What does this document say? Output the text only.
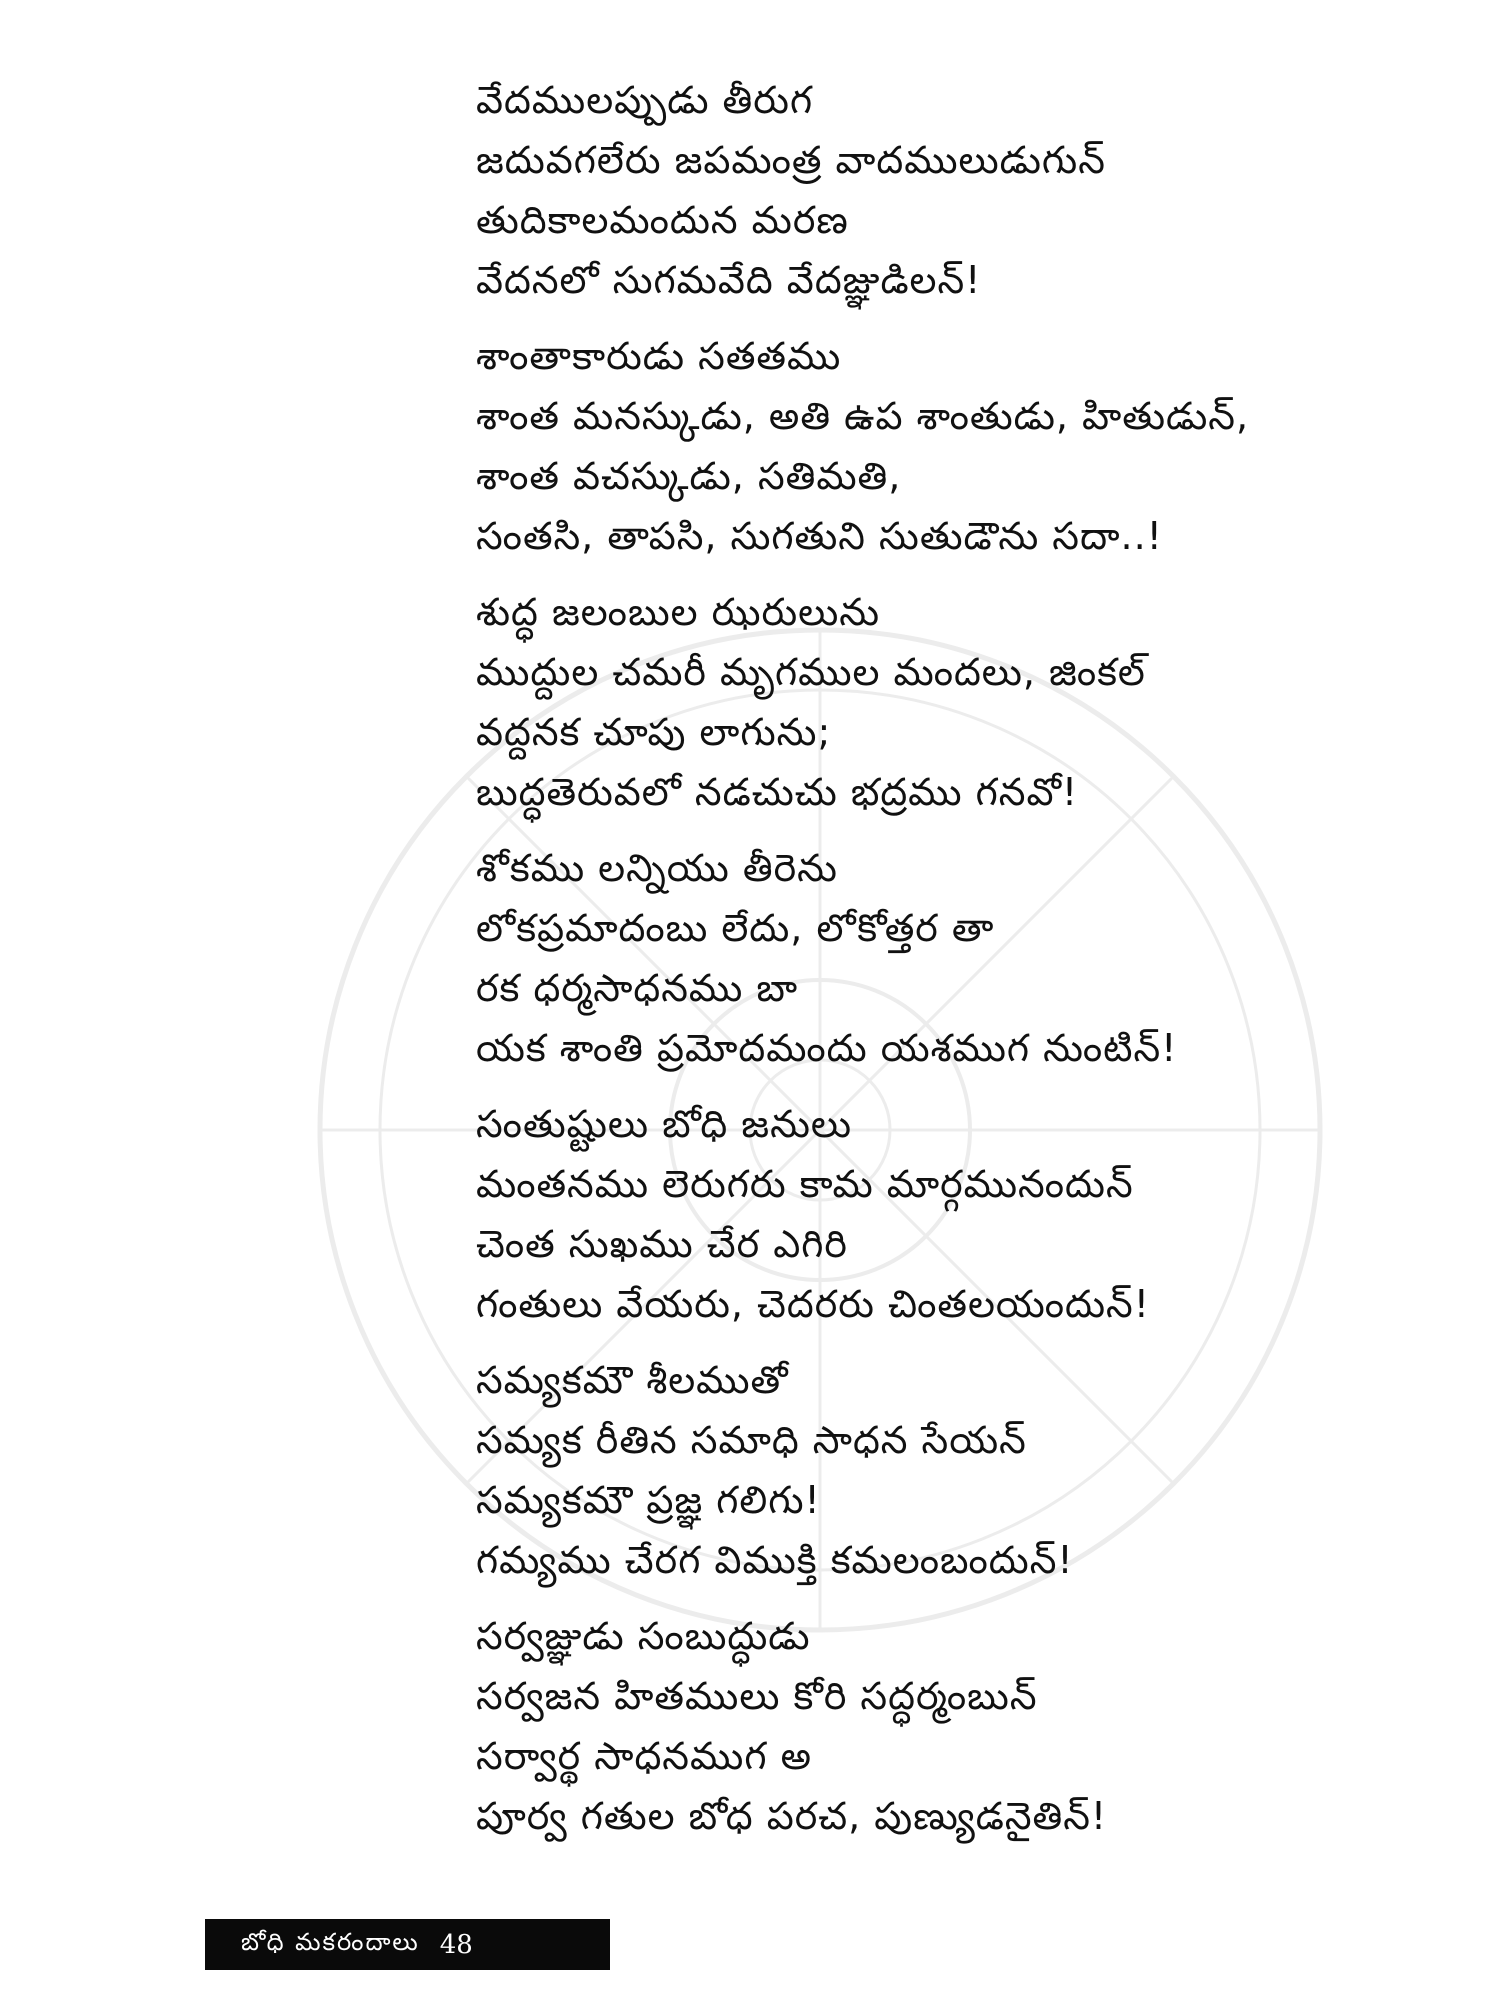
వేదములప్పుడు తీరుగ
జదువగలేరు జపమంత్ర వాదములుడుగున్
తుదికాలమందున మరణ
వేదనలో సుగమవేది వేదజ్ఞుడిలన్!
శాంతాకారుడు సతతము
శాంత మనస్కుడు, అతి ఉప శాంతుడు, హితుడున్,
శాంత వచస్కుడు, సతిమతి,
సంతసి, తాపసి, సుగతుని సుతుడౌను సదా..!
శుద్ధ జలంబుల ఝరులును
ముద్దుల చమరీ మృగముల మందలు, జింకల్
వద్దనక చూపు లాగును;
బుద్ధతెరువలో నడచుచు భద్రము గనవో!
శోకము లన్నియు తీరెను
లోకప్రమాదంబు లేదు, లోకోత్తర తా
రక ధర్మసాధనము బా
యక శాంతి ప్రమోదమందు యశముగ నుంటిన్!
సంతుష్టులు బోధి జనులు
మంతనము లెరుగరు కామ మార్గమునందున్
చెంత సుఖము చేర ఎగిరి
గంతులు వేయరు, చెదరరు చింతలయందున్!
సమ్యకమౌ శీలముతో
సమ్యక రీతిన సమాధి సాధన సేయన్
సమ్యకమౌ ప్రజ్ఞ గలిగు!
గమ్యము చేరగ విముక్తి కమలంబందున్!
సర్వజ్ఞుడు సంబుద్ధుడు
సర్వజన హితములు కోరి సద్ధర్మంబున్
సర్వార్థ సాధనముగ అ
పూర్వ గతుల బోధ పరచ, పుణ్యుడనైతిన్!
బోధి మకరందాలు 48
